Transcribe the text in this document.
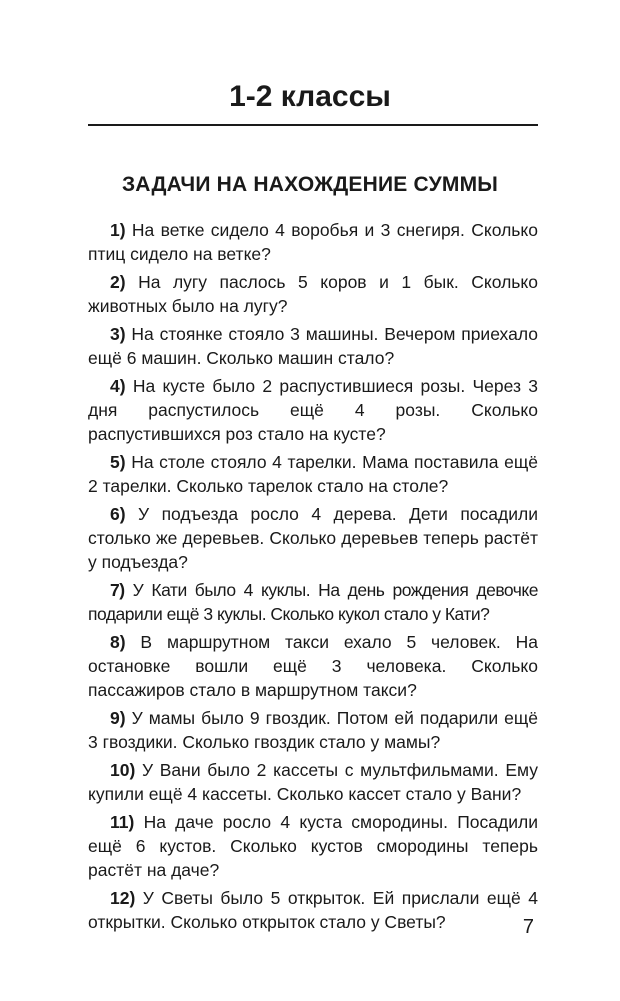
1-2 классы
ЗАДАЧИ НА НАХОЖДЕНИЕ СУММЫ

1) На ветке сидело 4 воробья и 3 снегиря. Сколько птиц сидело на ветке?

2) На лугу паслось 5 коров и 1 бык. Сколько животных было на лугу?

3) На стоянке стояло 3 машины. Вечером приехало ещё 6 машин. Сколько машин стало?

4) На кусте было 2 распустившиеся розы. Через 3 дня распустилось ещё 4 розы. Сколько распустившихся роз стало на кусте?

5) На столе стояло 4 тарелки. Мама поставила ещё 2 тарелки. Сколько тарелок стало на столе?

6) У подъезда росло 4 дерева. Дети посадили столько же деревьев. Сколько деревьев теперь растёт у подъезда?

7) У Кати было 4 куклы. На день рождения девочке подарили ещё 3 куклы. Сколько кукол стало у Кати?

8) В маршрутном такси ехало 5 человек. На остановке вошли ещё 3 человека. Сколько пассажиров стало в маршрутном такси?

9) У мамы было 9 гвоздик. Потом ей подарили ещё 3 гвоздики. Сколько гвоздик стало у мамы?

10) У Вани было 2 кассеты с мультфильмами. Ему купили ещё 4 кассеты. Сколько кассет стало у Вани?

11) На даче росло 4 куста смородины. Посадили ещё 6 кустов. Сколько кустов смородины теперь растёт на даче?

12) У Светы было 5 открыток. Ей прислали ещё 4 открытки. Сколько открыток стало у Светы?	7
